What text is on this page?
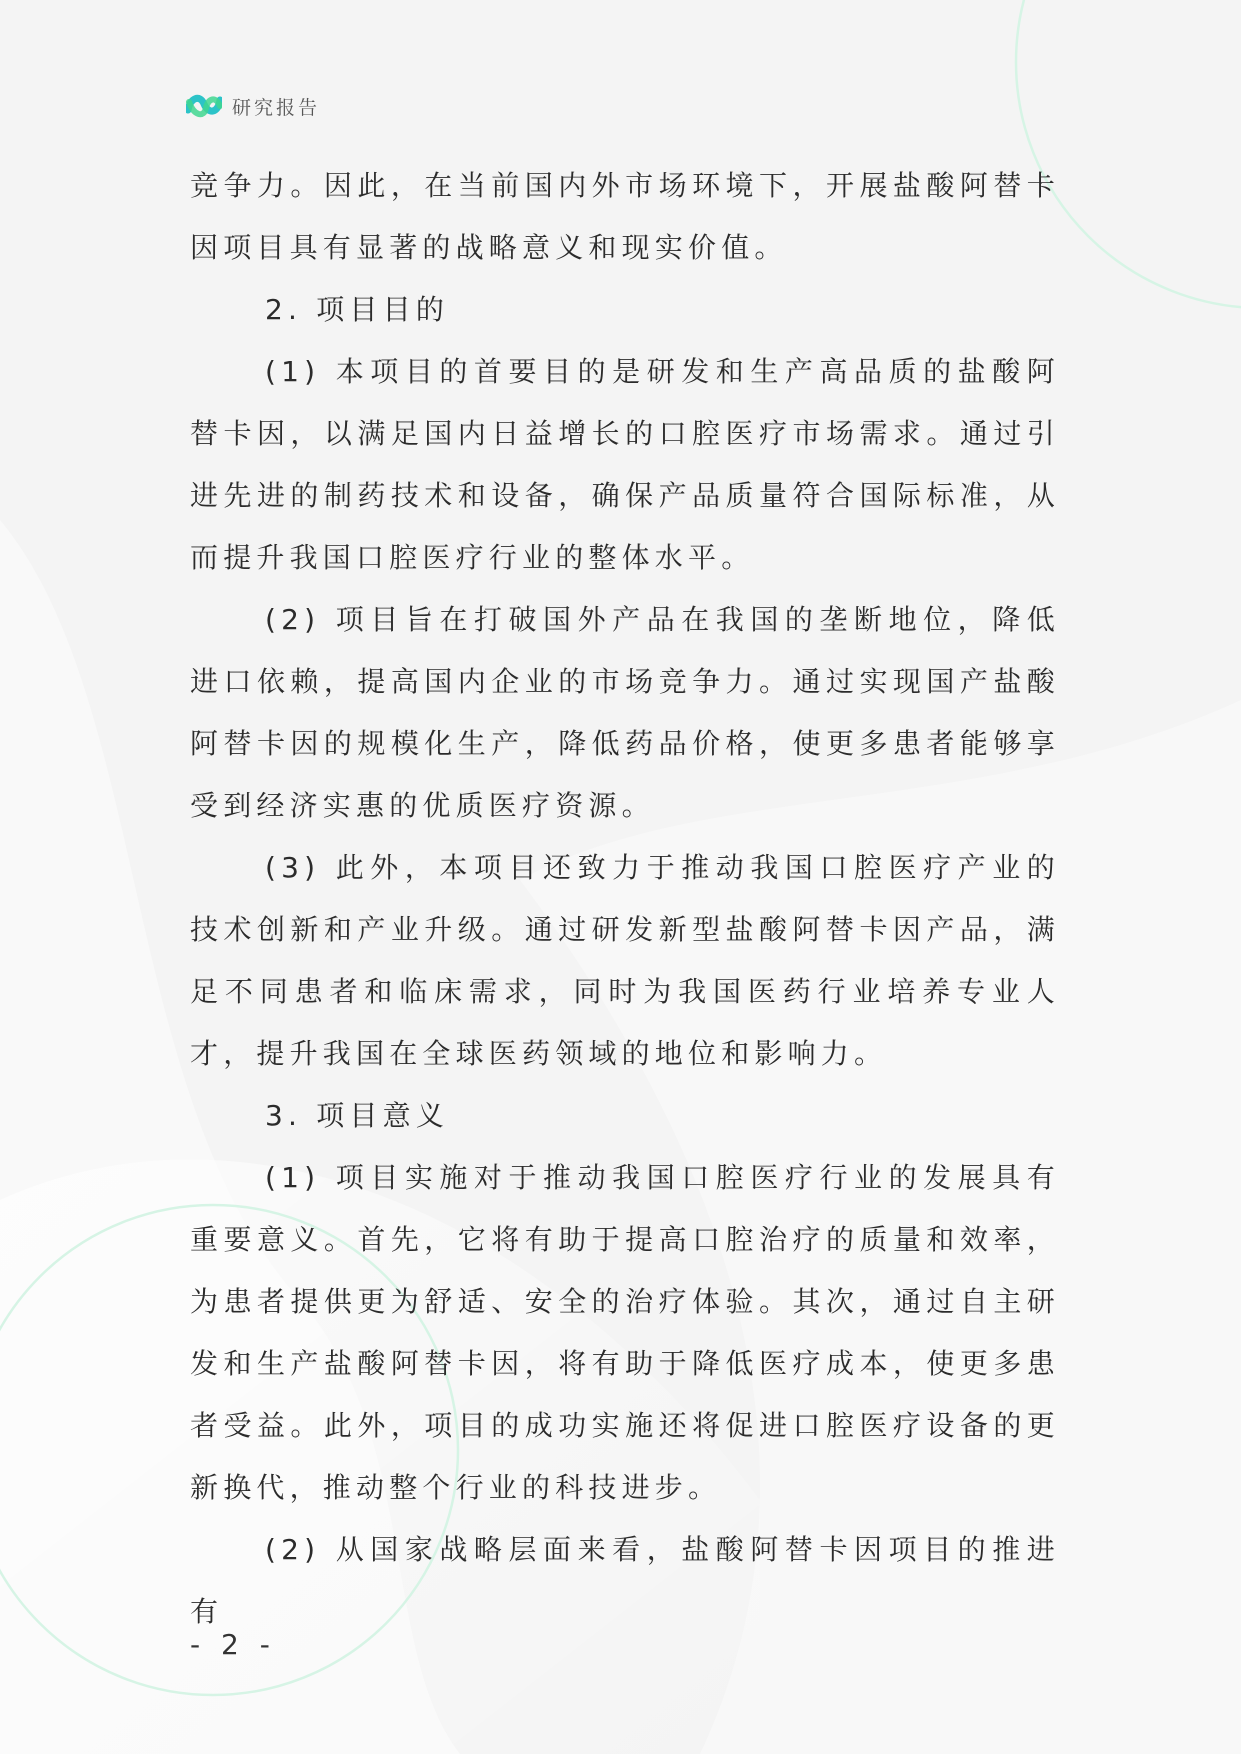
研究报告

竞争力。因此，在当前国内外市场环境下，开展盐酸阿替卡因项目具有显著的战略意义和现实价值。

2. 项目目的

(1) 本项目的首要目的是研发和生产高品质的盐酸阿替卡因，以满足国内日益增长的口腔医疗市场需求。通过引进先进的制药技术和设备，确保产品质量符合国际标准，从而提升我国口腔医疗行业的整体水平。

(2) 项目旨在打破国外产品在我国的垄断地位，降低进口依赖，提高国内企业的市场竞争力。通过实现国产盐酸阿替卡因的规模化生产，降低药品价格，使更多患者能够享受到经济实惠的优质医疗资源。

(3) 此外，本项目还致力于推动我国口腔医疗产业的技术创新和产业升级。通过研发新型盐酸阿替卡因产品，满足不同患者和临床需求，同时为我国医药行业培养专业人才，提升我国在全球医药领域的地位和影响力。

3. 项目意义

(1) 项目实施对于推动我国口腔医疗行业的发展具有重要意义。首先，它将有助于提高口腔治疗的质量和效率，为患者提供更为舒适、安全的治疗体验。其次，通过自主研发和生产盐酸阿替卡因，将有助于降低医疗成本，使更多患者受益。此外，项目的成功实施还将促进口腔医疗设备的更新换代，推动整个行业的科技进步。

(2) 从国家战略层面来看，盐酸阿替卡因项目的推进有

- 2 -
